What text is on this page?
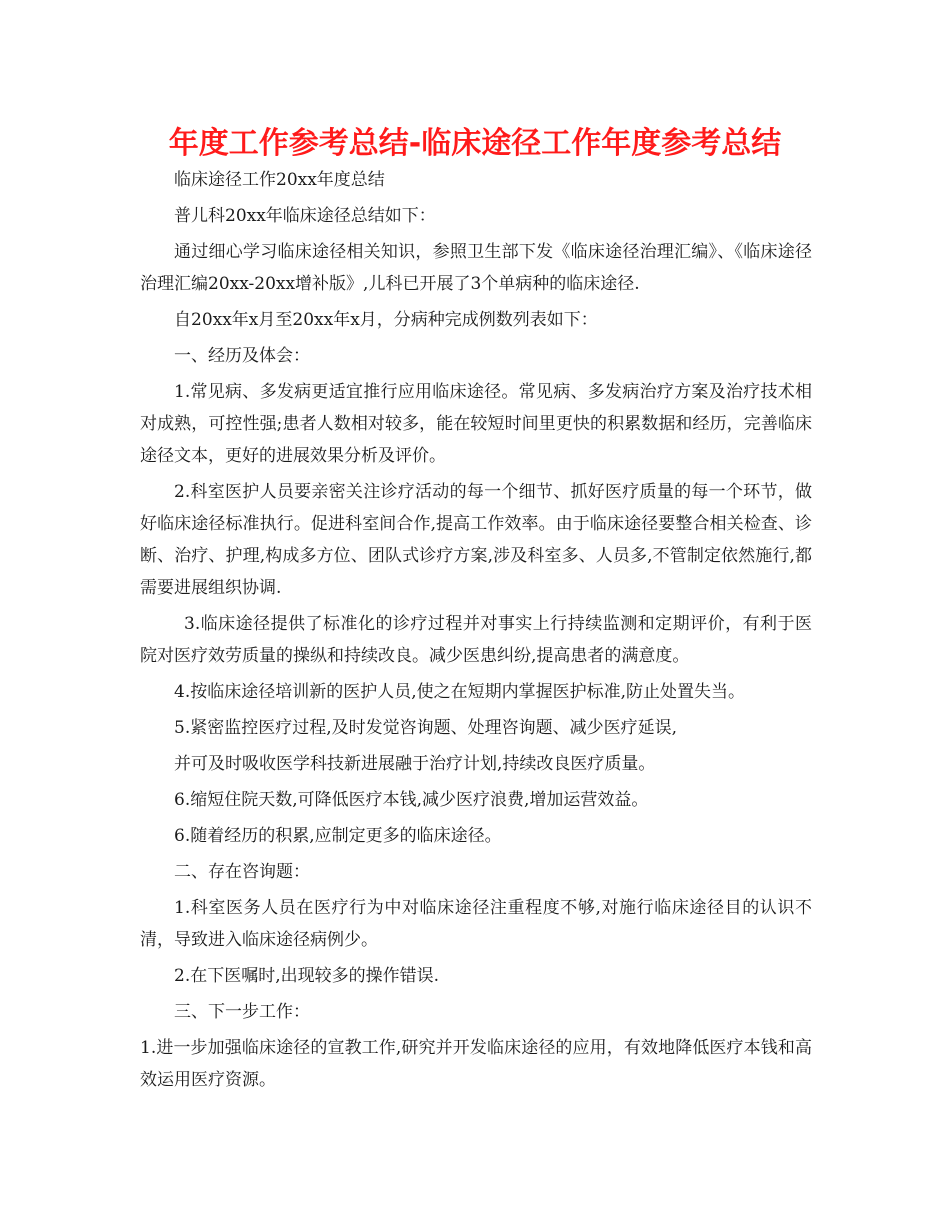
年度工作参考总结-临床途径工作年度参考总结

临床途径工作20xx年度总结

普儿科20xx年临床途径总结如下：

通过细心学习临床途径相关知识，参照卫生部下发《临床途径治理汇编》、《临床途径治理汇编20xx-20xx增补版》,儿科已开展了3个单病种的临床途径.

自20xx年x月至20xx年x月，分病种完成例数列表如下：

一、经历及体会：

1.常见病、多发病更适宜推行应用临床途径。常见病、多发病治疗方案及治疗技术相对成熟，可控性强;患者人数相对较多，能在较短时间里更快的积累数据和经历，完善临床途径文本，更好的进展效果分析及评价。

2.科室医护人员要亲密关注诊疗活动的每一个细节、抓好医疗质量的每一个环节，做好临床途径标准执行。促进科室间合作,提高工作效率。由于临床途径要整合相关检查、诊断、治疗、护理,构成多方位、团队式诊疗方案,涉及科室多、人员多,不管制定依然施行,都需要进展组织协调.

3.临床途径提供了标准化的诊疗过程并对事实上行持续监测和定期评价，有利于医院对医疗效劳质量的操纵和持续改良。减少医患纠纷,提高患者的满意度。

4.按临床途径培训新的医护人员,使之在短期内掌握医护标准,防止处置失当。

5.紧密监控医疗过程,及时发觉咨询题、处理咨询题、减少医疗延误,

并可及时吸收医学科技新进展融于治疗计划,持续改良医疗质量。

6.缩短住院天数,可降低医疗本钱,减少医疗浪费,增加运营效益。

6.随着经历的积累,应制定更多的临床途径。

二、存在咨询题：

1.科室医务人员在医疗行为中对临床途径注重程度不够,对施行临床途径目的认识不清，导致进入临床途径病例少。

2.在下医嘱时,出现较多的操作错误.

三、下一步工作：

1.进一步加强临床途径的宣教工作,研究并开发临床途径的应用，有效地降低医疗本钱和高效运用医疗资源。
